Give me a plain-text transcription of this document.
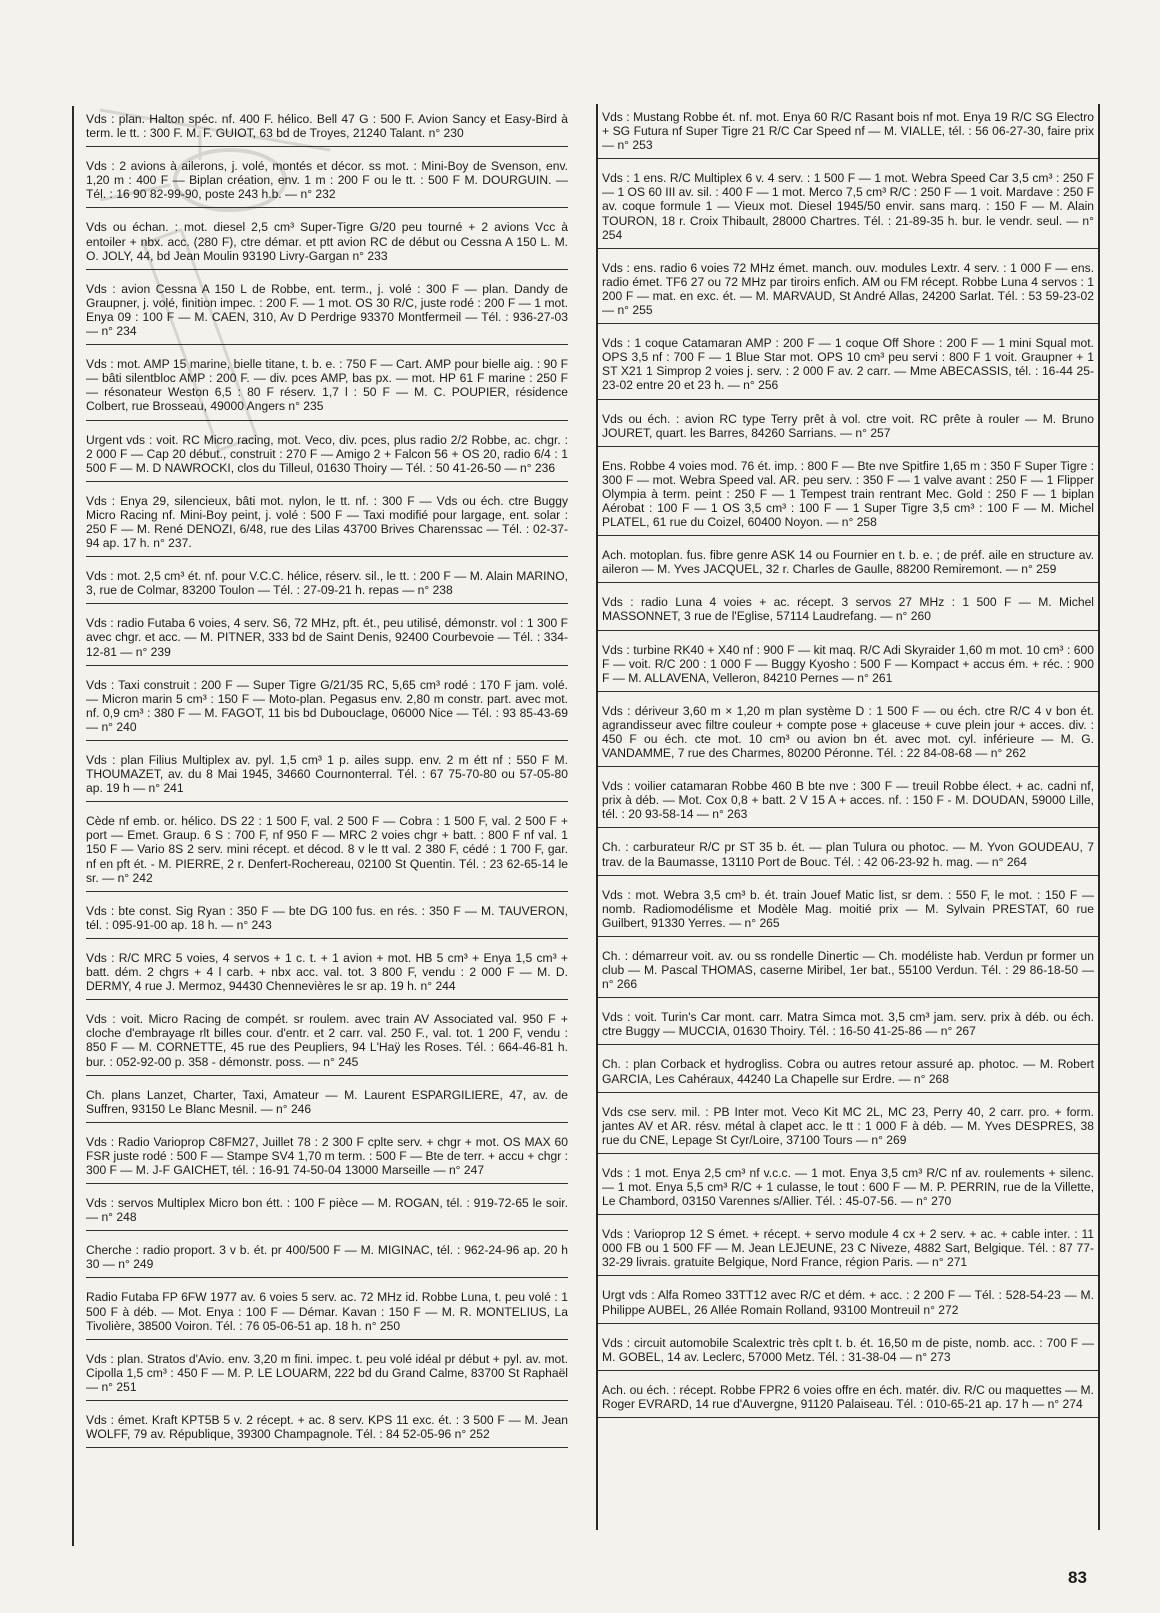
Vds : plan. Halton spéc. nf. 400 F. hélico. Bell 47 G : 500 F. Avion Sancy et Easy-Bird à term. le tt. : 300 F. M. F. GUIOT, 63 bd de Troyes, 21240 Talant. n° 230

Vds : 2 avions à ailerons, j. volé, montés et décor. ss mot. : Mini-Boy de Svenson, env. 1,20 m : 400 F — Biplan création, env. 1 m : 200 F ou le tt. : 500 F M. DOURGUIN. — Tél. : 16 90 82-99-90, poste 243 h.b. — n° 232

Vds ou échan. : mot. diesel 2,5 cm³ Super-Tigre G/20 peu tourné + 2 avions Vcc à entoiler + nbx. acc. (280 F), ctre démar. et ptt avion RC de début ou Cessna A 150 L. M. O. JOLY, 44, bd Jean Moulin 93190 Livry-Gargan n° 233

Vds : avion Cessna A 150 L de Robbe, ent. term., j. volé : 300 F — plan. Dandy de Graupner, j. volé, finition impec. : 200 F. — 1 mot. OS 30 R/C, juste rodé : 200 F — 1 mot. Enya 09 : 100 F — M. CAEN, 310, Av D Perdrige 93370 Montfermeil — Tél. : 936-27-03 — n° 234

Vds : mot. AMP 15 marine, bielle titane, t. b. e. : 750 F — Cart. AMP pour bielle aig. : 90 F — bâti silentbloc AMP : 200 F. — div. pces AMP, bas px. — mot. HP 61 F marine : 250 F — résonateur Weston 6,5 : 80 F réserv. 1,7 l : 50 F — M. C. POUPIER, résidence Colbert, rue Brosseau, 49000 Angers n° 235

Urgent vds : voit. RC Micro racing, mot. Veco, div. pces, plus radio 2/2 Robbe, ac. chgr. : 2 000 F — Cap 20 début., construit : 270 F — Amigo 2 + Falcon 56 + OS 20, radio 6/4 : 1 500 F — M. D NAWROCKI, clos du Tilleul, 01630 Thoiry — Tél. : 50 41-26-50 — n° 236

Vds : Enya 29, silencieux, bâti mot. nylon, le tt. nf. : 300 F — Vds ou éch. ctre Buggy Micro Racing nf. Mini-Boy peint, j. volé : 500 F — Taxi modifié pour largage, ent. solar : 250 F — M. René DENOZI, 6/48, rue des Lilas 43700 Brives Charenssac — Tél. : 02-37-94 ap. 17 h. n° 237.

Vds : mot. 2,5 cm³ ét. nf. pour V.C.C. hélice, réserv. sil., le tt. : 200 F — M. Alain MARINO, 3, rue de Colmar, 83200 Toulon — Tél. : 27-09-21 h. repas — n° 238

Vds : radio Futaba 6 voies, 4 serv. S6, 72 MHz, pft. ét., peu utilisé, démonstr. vol : 1 300 F avec chgr. et acc. — M. PITNER, 333 bd de Saint Denis, 92400 Courbevoie — Tél. : 334-12-81 — n° 239

Vds : Taxi construit : 200 F — Super Tigre G/21/35 RC, 5,65 cm³ rodé : 170 F jam. volé. — Micron marin 5 cm³ : 150 F — Moto-plan. Pegasus env. 2,80 m constr. part. avec mot. nf. 0,9 cm³ : 380 F — M. FAGOT, 11 bis bd Dubouclage, 06000 Nice — Tél. : 93 85-43-69 — n° 240

Vds : plan Filius Multiplex av. pyl. 1,5 cm³ 1 p. ailes supp. env. 2 m étt nf : 550 F M. THOUMAZET, av. du 8 Mai 1945, 34660 Cournonterral. Tél. : 67 75-70-80 ou 57-05-80 ap. 19 h — n° 241

Cède nf emb. or. hélico. DS 22 : 1 500 F, val. 2 500 F — Cobra : 1 500 F, val. 2 500 F + port — Emet. Graup. 6 S : 700 F, nf 950 F — MRC 2 voies chgr + batt. : 800 F nf val. 1 150 F — Vario 8S 2 serv. mini récept. et décod. 8 v le tt val. 2 380 F, cédé : 1 700 F, gar. nf en pft ét. - M. PIERRE, 2 r. Denfert-Rochereau, 02100 St Quentin. Tél. : 23 62-65-14 le sr. — n° 242

Vds : bte const. Sig Ryan : 350 F — bte DG 100 fus. en rés. : 350 F — M. TAUVERON, tél. : 095-91-00 ap. 18 h. — n° 243

Vds : R/C MRC 5 voies, 4 servos + 1 c. t. + 1 avion + mot. HB 5 cm³ + Enya 1,5 cm³ + batt. dém. 2 chgrs + 4 l carb. + nbx acc. val. tot. 3 800 F, vendu : 2 000 F — M. D. DERMY, 4 rue J. Mermoz, 94430 Chennevières le sr ap. 19 h. n° 244

Vds : voit. Micro Racing de compét. sr roulem. avec train AV Associated val. 950 F + cloche d'embrayage rlt billes cour. d'entr. et 2 carr. val. 250 F., val. tot. 1 200 F, vendu : 850 F — M. CORNETTE, 45 rue des Peupliers, 94 L'Haÿ les Roses. Tél. : 664-46-81 h. bur. : 052-92-00 p. 358 - démonstr. poss. — n° 245

Ch. plans Lanzet, Charter, Taxi, Amateur — M. Laurent ESPARGILIERE, 47, av. de Suffren, 93150 Le Blanc Mesnil. — n° 246

Vds : Radio Varioprop C8FM27, Juillet 78 : 2 300 F cplte serv. + chgr + mot. OS MAX 60 FSR juste rodé : 500 F — Stampe SV4 1,70 m term. : 500 F — Bte de terr. + accu + chgr : 300 F — M. J-F GAICHET, tél. : 16-91 74-50-04 13000 Marseille — n° 247

Vds : servos Multiplex Micro bon étt. : 100 F pièce — M. ROGAN, tél. : 919-72-65 le soir. — n° 248

Cherche : radio proport. 3 v b. ét. pr 400/500 F — M. MIGINAC, tél. : 962-24-96 ap. 20 h 30 — n° 249

Radio Futaba FP 6FW 1977 av. 6 voies 5 serv. ac. 72 MHz id. Robbe Luna, t. peu volé : 1 500 F à déb. — Mot. Enya : 100 F — Démar. Kavan : 150 F — M. R. MONTELIUS, La Tivolière, 38500 Voiron. Tél. : 76 05-06-51 ap. 18 h. n° 250

Vds : plan. Stratos d'Avio. env. 3,20 m fini. impec. t. peu volé idéal pr début + pyl. av. mot. Cipolla 1,5 cm³ : 450 F — M. P. LE LOUARM, 222 bd du Grand Calme, 83700 St Raphaël — n° 251

Vds : émet. Kraft KPT5B 5 v. 2 récept. + ac. 8 serv. KPS 11 exc. ét. : 3 500 F — M. Jean WOLFF, 79 av. République, 39300 Champagnole. Tél. : 84 52-05-96 n° 252

Vds : Mustang Robbe ét. nf. mot. Enya 60 R/C Rasant bois nf mot. Enya 19 R/C SG Electro + SG Futura nf Super Tigre 21 R/C Car Speed nf — M. VIALLE, tél. : 56 06-27-30, faire prix — n° 253

Vds : 1 ens. R/C Multiplex 6 v. 4 serv. : 1 500 F — 1 mot. Webra Speed Car 3,5 cm³ : 250 F — 1 OS 60 III av. sil. : 400 F — 1 mot. Merco 7,5 cm³ R/C : 250 F — 1 voit. Mardave : 250 F av. coque formule 1 — Vieux mot. Diesel 1945/50 envir. sans marq. : 150 F — M. Alain TOURON, 18 r. Croix Thibault, 28000 Chartres. Tél. : 21-89-35 h. bur. le vendr. seul. — n° 254

Vds : ens. radio 6 voies 72 MHz émet. manch. ouv. modules Lextr. 4 serv. : 1 000 F — ens. radio émet. TF6 27 ou 72 MHz par tiroirs enfich. AM ou FM récept. Robbe Luna 4 servos : 1 200 F — mat. en exc. ét. — M. MARVAUD, St André Allas, 24200 Sarlat. Tél. : 53 59-23-02 — n° 255

Vds : 1 coque Catamaran AMP : 200 F — 1 coque Off Shore : 200 F — 1 mini Squal mot. OPS 3,5 nf : 700 F — 1 Blue Star mot. OPS 10 cm³ peu servi : 800 F 1 voit. Graupner + 1 ST X21 1 Simprop 2 voies j. serv. : 2 000 F av. 2 carr. — Mme ABECASSIS, tél. : 16-44 25-23-02 entre 20 et 23 h. — n° 256

Vds ou éch. : avion RC type Terry prêt à vol. ctre voit. RC prête à rouler — M. Bruno JOURET, quart. les Barres, 84260 Sarrians. — n° 257

Ens. Robbe 4 voies mod. 76 ét. imp. : 800 F — Bte nve Spitfire 1,65 m : 350 F Super Tigre : 300 F — mot. Webra Speed val. AR. peu serv. : 350 F — 1 valve avant : 250 F — 1 Flipper Olympia à term. peint : 250 F — 1 Tempest train rentrant Mec. Gold : 250 F — 1 biplan Aérobat : 100 F — 1 OS 3,5 cm³ : 100 F — 1 Super Tigre 3,5 cm³ : 100 F — M. Michel PLATEL, 61 rue du Coizel, 60400 Noyon. — n° 258

Ach. motoplan. fus. fibre genre ASK 14 ou Fournier en t. b. e. ; de préf. aile en structure av. aileron — M. Yves JACQUEL, 32 r. Charles de Gaulle, 88200 Remiremont. — n° 259

Vds : radio Luna 4 voies + ac. récept. 3 servos 27 MHz : 1 500 F — M. Michel MASSONNET, 3 rue de l'Eglise, 57114 Laudrefang. — n° 260

Vds : turbine RK40 + X40 nf : 900 F — kit maq. R/C Adi Skyraider 1,60 m mot. 10 cm³ : 600 F — voit. R/C 200 : 1 000 F — Buggy Kyosho : 500 F — Kompact + accus ém. + réc. : 900 F — M. ALLAVENA, Velleron, 84210 Pernes — n° 261

Vds : dériveur 3,60 m × 1,20 m plan système D : 1 500 F — ou éch. ctre R/C 4 v bon ét. agrandisseur avec filtre couleur + compte pose + glaceuse + cuve plein jour + acces. div. : 450 F ou éch. cte mot. 10 cm³ ou avion bn ét. avec mot. cyl. inférieure — M. G. VANDAMME, 7 rue des Charmes, 80200 Péronne. Tél. : 22 84-08-68 — n° 262

Vds : voilier catamaran Robbe 460 B bte nve : 300 F — treuil Robbe élect. + ac. cadni nf, prix à déb. — Mot. Cox 0,8 + batt. 2 V 15 A + acces. nf. : 150 F - M. DOUDAN, 59000 Lille, tél. : 20 93-58-14 — n° 263

Ch. : carburateur R/C pr ST 35 b. ét. — plan Tulura ou photoc. — M. Yvon GOUDEAU, 7 trav. de la Baumasse, 13110 Port de Bouc. Tél. : 42 06-23-92 h. mag. — n° 264

Vds : mot. Webra 3,5 cm³ b. ét. train Jouef Matic list, sr dem. : 550 F, le mot. : 150 F — nomb. Radiomodélisme et Modèle Mag. moitié prix — M. Sylvain PRESTAT, 60 rue Guilbert, 91330 Yerres. — n° 265

Ch. : démarreur voit. av. ou ss rondelle Dinertic — Ch. modéliste hab. Verdun pr former un club — M. Pascal THOMAS, caserne Miribel, 1er bat., 55100 Verdun. Tél. : 29 86-18-50 — n° 266

Vds : voit. Turin's Car mont. carr. Matra Simca mot. 3,5 cm³ jam. serv. prix à déb. ou éch. ctre Buggy — MUCCIA, 01630 Thoiry. Tél. : 16-50 41-25-86 — n° 267

Ch. : plan Corback et hydrogliss. Cobra ou autres retour assuré ap. photoc. — M. Robert GARCIA, Les Cahéraux, 44240 La Chapelle sur Erdre. — n° 268

Vds cse serv. mil. : PB Inter mot. Veco Kit MC 2L, MC 23, Perry 40, 2 carr. pro. + form. jantes AV et AR. résv. métal à clapet acc. le tt : 1 000 F à déb. — M. Yves DESPRES, 38 rue du CNE, Lepage St Cyr/Loire, 37100 Tours — n° 269

Vds : 1 mot. Enya 2,5 cm³ nf v.c.c. — 1 mot. Enya 3,5 cm³ R/C nf av. roulements + silenc. — 1 mot. Enya 5,5 cm³ R/C + 1 culasse, le tout : 600 F — M. P. PERRIN, rue de la Villette, Le Chambord, 03150 Varennes s/Allier. Tél. : 45-07-56. — n° 270

Vds : Varioprop 12 S émet. + récept. + servo module 4 cx + 2 serv. + ac. + cable inter. : 11 000 FB ou 1 500 FF — M. Jean LEJEUNE, 23 C Niveze, 4882 Sart, Belgique. Tél. : 87 77-32-29 livrais. gratuite Belgique, Nord France, région Paris. — n° 271

Urgt vds : Alfa Romeo 33TT12 avec R/C et dém. + acc. : 2 200 F — Tél. : 528-54-23 — M. Philippe AUBEL, 26 Allée Romain Rolland, 93100 Montreuil n° 272

Vds : circuit automobile Scalextric très cplt t. b. ét. 16,50 m de piste, nomb. acc. : 700 F — M. GOBEL, 14 av. Leclerc, 57000 Metz. Tél. : 31-38-04 — n° 273

Ach. ou éch. : récept. Robbe FPR2 6 voies offre en éch. matér. div. R/C ou maquettes — M. Roger EVRARD, 14 rue d'Auvergne, 91120 Palaiseau. Tél. : 010-65-21 ap. 17 h — n° 274

83
